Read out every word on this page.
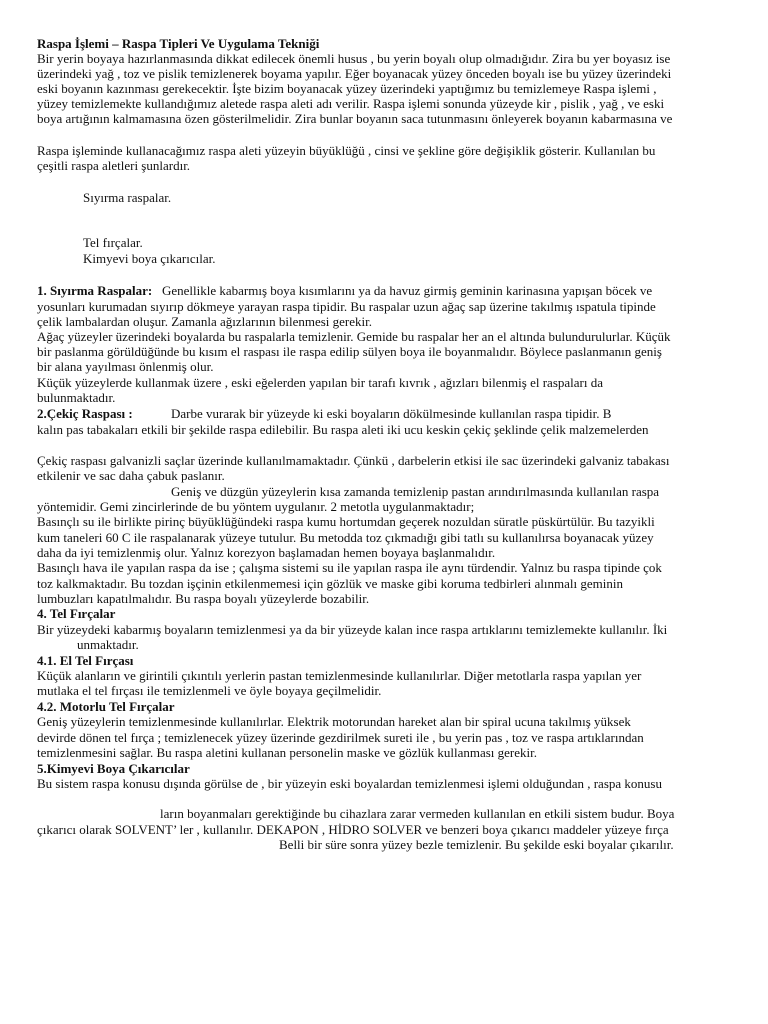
Raspa İşlemi – Raspa Tipleri Ve Uygulama Tekniği
Bir yerin boyaya hazırlanmasında dikkat edilecek önemli husus , bu yerin boyalı olup olmadığıdır. Zira bu yer boyasız ise
üzerindeki yağ , toz ve pislik temizlenerek boyama yapılır. Eğer boyanacak yüzey önceden boyalı ise bu yüzey üzerindeki
eski boyanın kazınması gerekecektir. İşte bizim boyanacak yüzey üzerindeki yaptığımız bu temizlemeye Raspa işlemi ,
yüzey temizlemekte kullandığımız aletede raspa aleti adı verilir. Raspa işlemi sonunda yüzeyde kir , pislik , yağ , ve eski
boya artığının kalmamasına özen gösterilmelidir. Zira bunlar boyanın saca tutunmasını önleyerek boyanın kabarmasına ve
Raspa işleminde kullanacağımız raspa aleti yüzeyin büyüklüğü , cinsi ve şekline göre değişiklik gösterir. Kullanılan bu
çeşitli raspa aletleri şunlardır.
Sıyırma raspalar.
Tel fırçalar.
Kimyevi boya çıkarıcılar.
1. Sıyırma Raspalar: Genellikle kabarmış boya kısımlarını ya da havuz girmiş geminin karinasına yapışan böcek ve
yosunları kurumadan sıyırıp dökmeye yarayan raspa tipidir. Bu raspalar uzun ağaç sap üzerine takılmış ıspatula tipinde
çelik lambalardan oluşur. Zamanla ağızlarının bilenmesi gerekir.
Ağaç yüzeyler üzerindeki boyalarda bu raspalarla temizlenir. Gemide bu raspalar her an el altında bulundurulurlar. Küçük
bir paslanma görüldüğünde bu kısım el raspası ile raspa edilip sülyen boya ile boyanmalıdır. Böylece paslanmanın geniş
bir alana yayılması önlenmiş olur.
Küçük yüzeylerde kullanmak üzere , eski eğelerden yapılan bir tarafı kıvrık , ağızları bilenmiş el raspaları da
bulunmaktadır.
2.Çekiç Raspası :	Darbe vurarak bir yüzeyde ki eski boyaların dökülmesinde kullanılan raspa tipidir. B
kalın pas tabakaları etkili bir şekilde raspa edilebilir. Bu raspa aleti iki ucu keskin çekiç şeklinde çelik malzemelerden
Çekiç raspası galvanizli saçlar üzerinde kullanılmamaktadır. Çünkü , darbelerin etkisi ile sac üzerindeki galvaniz tabakası
etkilenir ve sac daha çabuk paslanır.
Geniş ve düzgün yüzeylerin kısa zamanda temizlenip pastan arındırılmasında kullanılan raspa
yöntemidir. Gemi zincirlerinde de bu yöntem uygulanır. 2 metotla uygulanmaktadır;
Basınçlı su ile birlikte pirinç büyüklüğündeki raspa kumu hortumdan geçerek nozuldan süratle püskürtülür. Bu tazyikli
kum taneleri 60 C ile raspalanarak yüzeye tutulur. Bu metodda toz çıkmadığı gibi tatlı su kullanılırsa boyanacak yüzey
daha da iyi temizlenmiş olur. Yalnız korezyon başlamadan hemen boyaya başlanmalıdır.
Basınçlı hava ile yapılan raspa da ise ; çalışma sistemi su ile yapılan raspa ile aynı türdendir. Yalnız bu raspa tipinde çok
toz kalkmaktadır. Bu tozdan işçinin etkilenmemesi için gözlük ve maske gibi koruma tedbirleri alınmalı geminin
lumbuzları kapatılmalıdır. Bu raspa boyalı yüzeylerde bozabilir.
4. Tel Fırçalar
Bir yüzeydeki kabarmış boyaların temizlenmesi ya da bir yüzeyde kalan ince raspa artıklarını temizlemekte kullanılır. İki
unmaktadır.
4.1. El Tel Fırçası
Küçük alanların ve girintili çıkıntılı yerlerin pastan temizlenmesinde kullanılırlar. Diğer metotlarla raspa yapılan yer
mutlaka el tel fırçası ile temizlenmeli ve öyle boyaya geçilmelidir.
4.2. Motorlu Tel Fırçalar
Geniş yüzeylerin temizlenmesinde kullanılırlar. Elektrik motorundan hareket alan bir spiral ucuna takılmış yüksek
devirde dönen tel fırça ; temizlenecek yüzey üzerinde gezdirilmek sureti ile , bu yerin pas , toz ve raspa artıklarından
temizlenmesini sağlar. Bu raspa aletini kullanan personelin maske ve gözlük kullanması gerekir.
5.Kimyevi Boya Çıkarıcılar
Bu sistem raspa konusu dışında görülse de , bir yüzeyin eski boyalardan temizlenmesi işlemi olduğundan , raspa konusu
ların boyanmaları gerektiğinde bu cihazlara zarar vermeden kullanılan en etkili sistem budur. Boya
çıkarıcı olarak SOLVENT’ ler , kullanılır. DEKAPON , HİDRO SOLVER ve benzeri boya çıkarıcı maddeler yüzeye fırça
Belli bir süre sonra yüzey bezle temizlenir. Bu şekilde eski boyalar çıkarılır.
